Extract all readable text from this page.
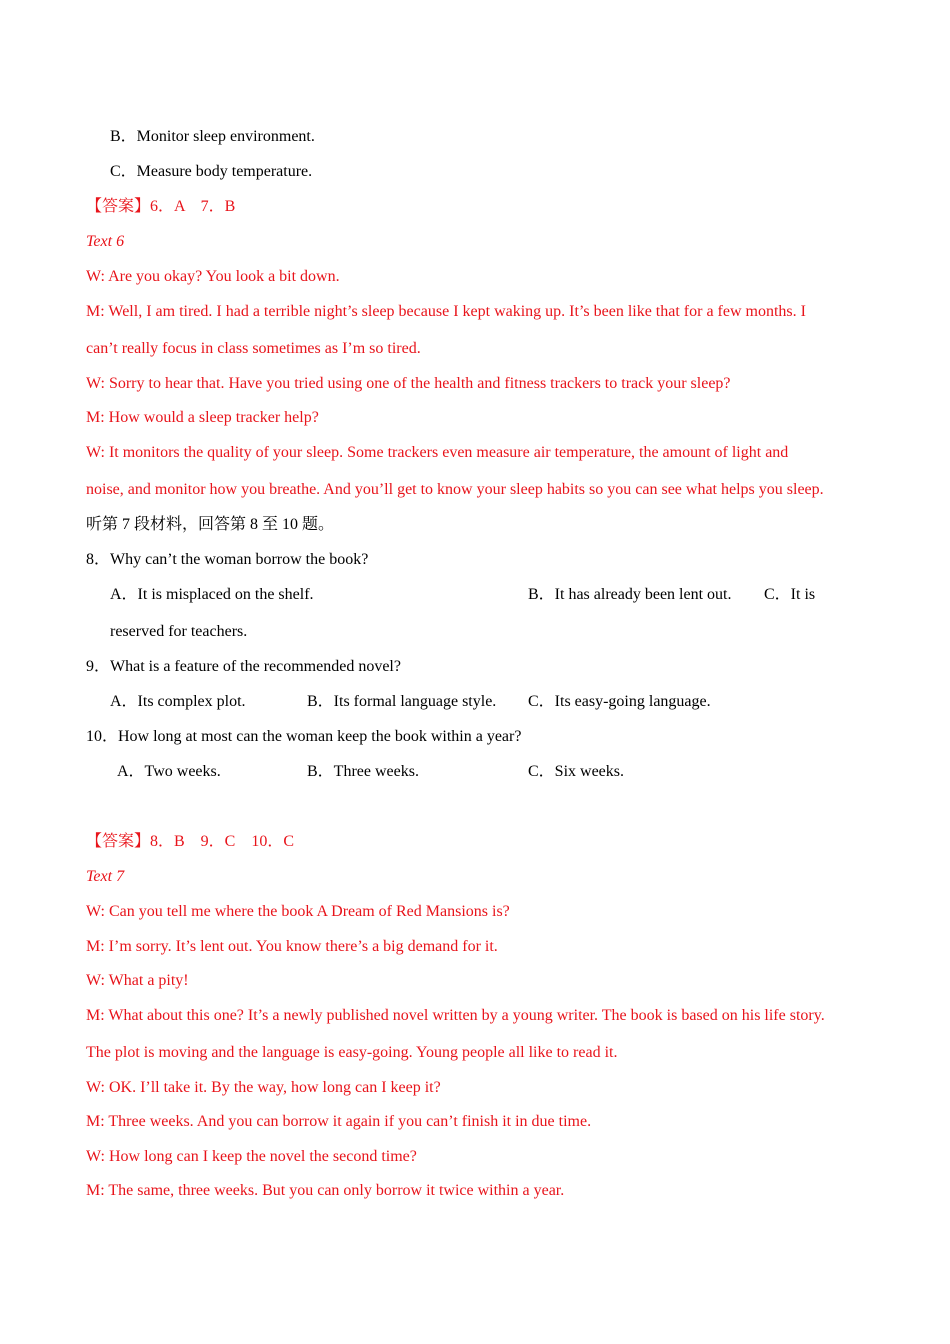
B．Monitor sleep environment.
C．Measure body temperature.
【答案】6．A　7．B
Text 6
W: Are you okay? You look a bit down.
M: Well, I am tired. I had a terrible night’s sleep because I kept waking up. It’s been like that for a few months. I
can’t really focus in class sometimes as I’m so tired.
W: Sorry to hear that. Have you tried using one of the health and fitness trackers to track your sleep?
M: How would a sleep tracker help?
W: It monitors the quality of your sleep. Some trackers even measure air temperature, the amount of light and
noise, and monitor how you breathe. And you’ll get to know your sleep habits so you can see what helps you sleep.
听第 7 段材料，回答第 8 至 10 题。
8．Why can’t the woman borrow the book?
A．It is misplaced on the shelf.	B．It has already been lent out. C．It is
reserved for teachers.
9．What is a feature of the recommended novel?
A．Its complex plot.	B．Its formal language style. C．Its easy-going language.
10．How long at most can the woman keep the book within a year?
A．Two weeks.	B．Three weeks.	C．Six weeks.
【答案】8．B　9．C　10．C
Text 7
W: Can you tell me where the book A Dream of Red Mansions is?
M: I’m sorry. It’s lent out. You know there’s a big demand for it.
W: What a pity!
M: What about this one? It’s a newly published novel written by a young writer. The book is based on his life story.
The plot is moving and the language is easy-going. Young people all like to read it.
W: OK. I’ll take it. By the way, how long can I keep it?
M: Three weeks. And you can borrow it again if you can’t finish it in due time.
W: How long can I keep the novel the second time?
M: The same, three weeks. But you can only borrow it twice within a year.
